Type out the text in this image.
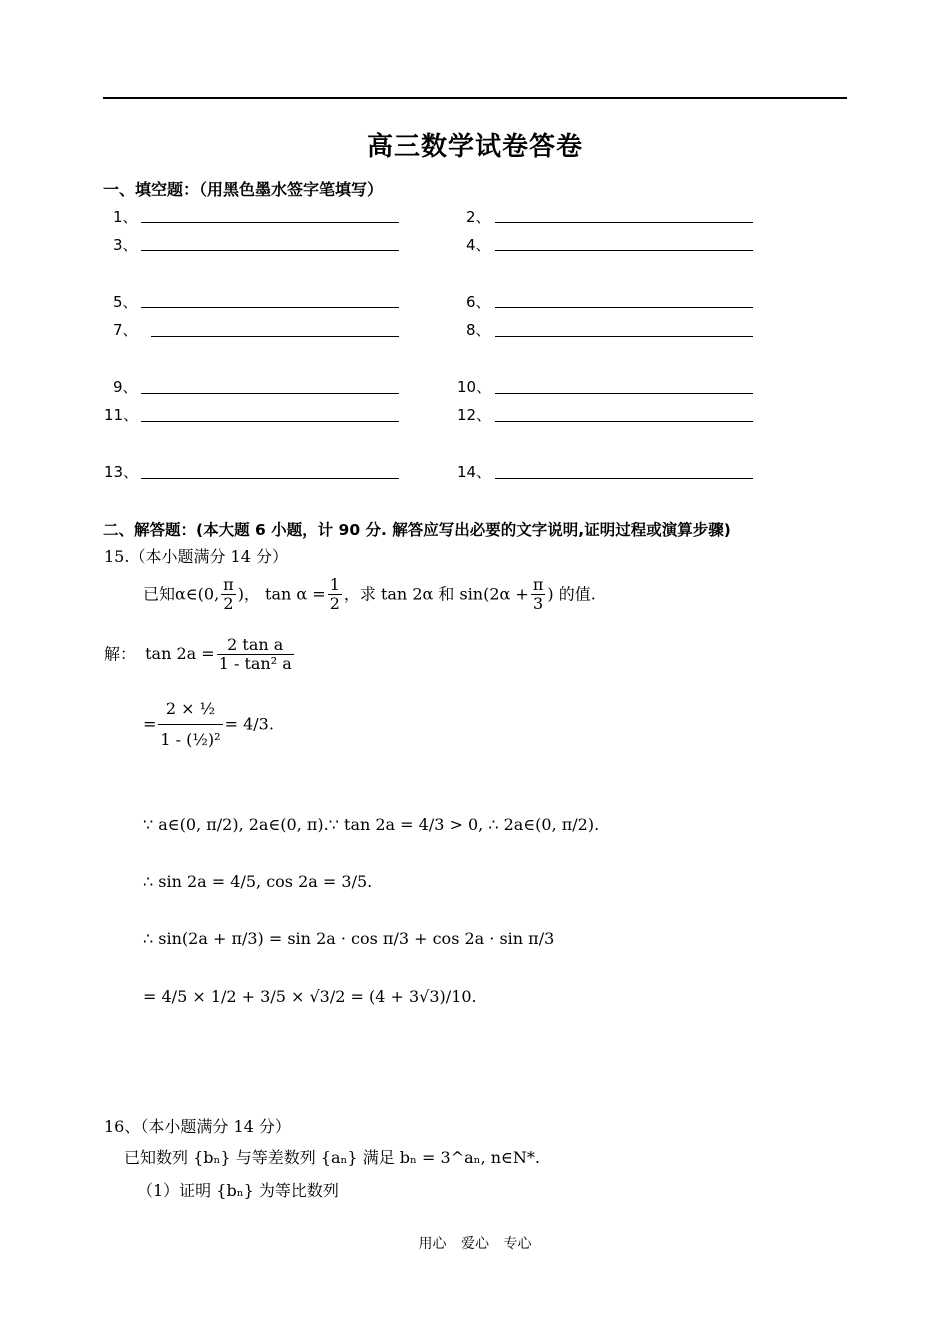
高三数学试卷答卷
一、填空题：（用黑色墨水签字笔填写）
1、	2、
3、	4、
5、	6、
7、	8、
9、	10、
11、	12、
13、	14、
二、解答题：(本大题 6 小题，计 90 分. 解答应写出必要的文字说明,证明过程或演算步骤)
15.（本小题满分 14 分）
已知α∈(0, $\frac{\pi}{2}$ )， $\tan \alpha = \frac{1}{2}$ ，求 tan 2α 和 $\sin(2\alpha + \frac{\pi}{3}$ ) 的值.
解： $\tan 2a = \frac{\text{2 tan a}}{\text{1 - tan² a}}$
= $\frac{\text{2 × ½}}{\text{1 - (½)²}} = 4/3$.
∵ a∈(0, π/2), 2a∈(0, π).∵ tan 2a = 4/3 > 0, ∴ 2a∈(0, π/2).
∴ sin 2a = 4/5, cos 2a = 3/5.
∴ sin(2a + π/3) = sin 2a · cos π/3 + cos 2a · sin π/3
= 4/5 × 1/2 + 3/5 × √3/2 = (4 + 3√3)/10.
16、（本小题满分 14 分）
已知数列 {bₙ} 与等差数列 {aₙ} 满足 bₙ = 3^aₙ, n∈N*.
（1）证明 {bₙ} 为等比数列
用心 爱心 专心
